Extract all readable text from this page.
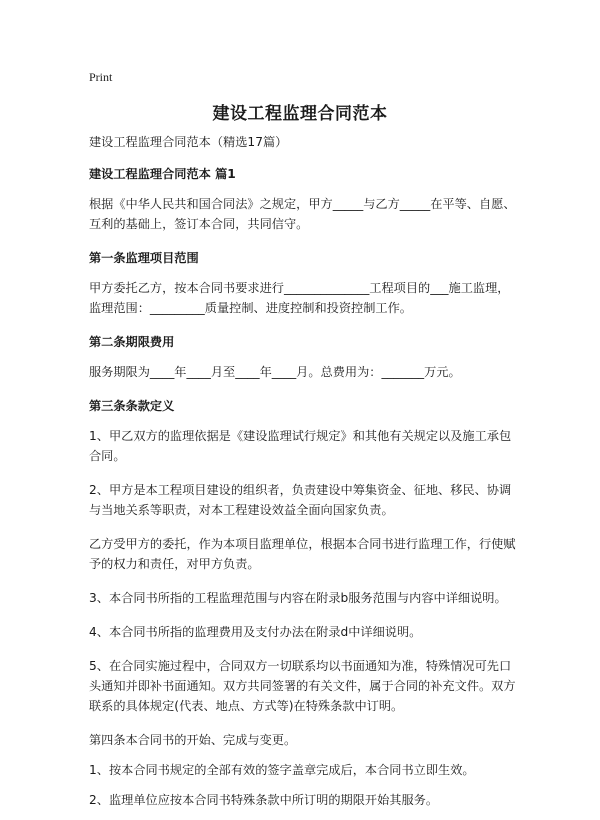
Print
建设工程监理合同范本

建设工程监理合同范本（精选17篇）

建设工程监理合同范本 篇1

根据《中华人民共和国合同法》之规定，甲方_____与乙方_____在平等、自愿、互利的基础上，签订本合同，共同信守。

第一条监理项目范围

甲方委托乙方，按本合同书要求进行______________工程项目的___施工监理，监理范围：_________质量控制、进度控制和投资控制工作。

第二条期限费用

服务期限为____年____月至____年____月。总费用为：_______万元。

第三条条款定义

1、甲乙双方的监理依据是《建设监理试行规定》和其他有关规定以及施工承包合同。

2、甲方是本工程项目建设的组织者，负责建设中筹集资金、征地、移民、协调与当地关系等职责，对本工程建设效益全面向国家负责。

乙方受甲方的委托，作为本项目监理单位，根据本合同书进行监理工作，行使赋予的权力和责任，对甲方负责。

3、本合同书所指的工程监理范围与内容在附录b服务范围与内容中详细说明。

4、本合同书所指的监理费用及支付办法在附录d中详细说明。

5、在合同实施过程中，合同双方一切联系均以书面通知为准，特殊情况可先口头通知并即补书面通知。双方共同签署的有关文件，属于合同的补充文件。双方联系的具体规定(代表、地点、方式等)在特殊条款中订明。

第四条本合同书的开始、完成与变更。

1、按本合同书规定的全部有效的签字盖章完成后，本合同书立即生效。

2、监理单位应按本合同书特殊条款中所订明的期限开始其服务。
